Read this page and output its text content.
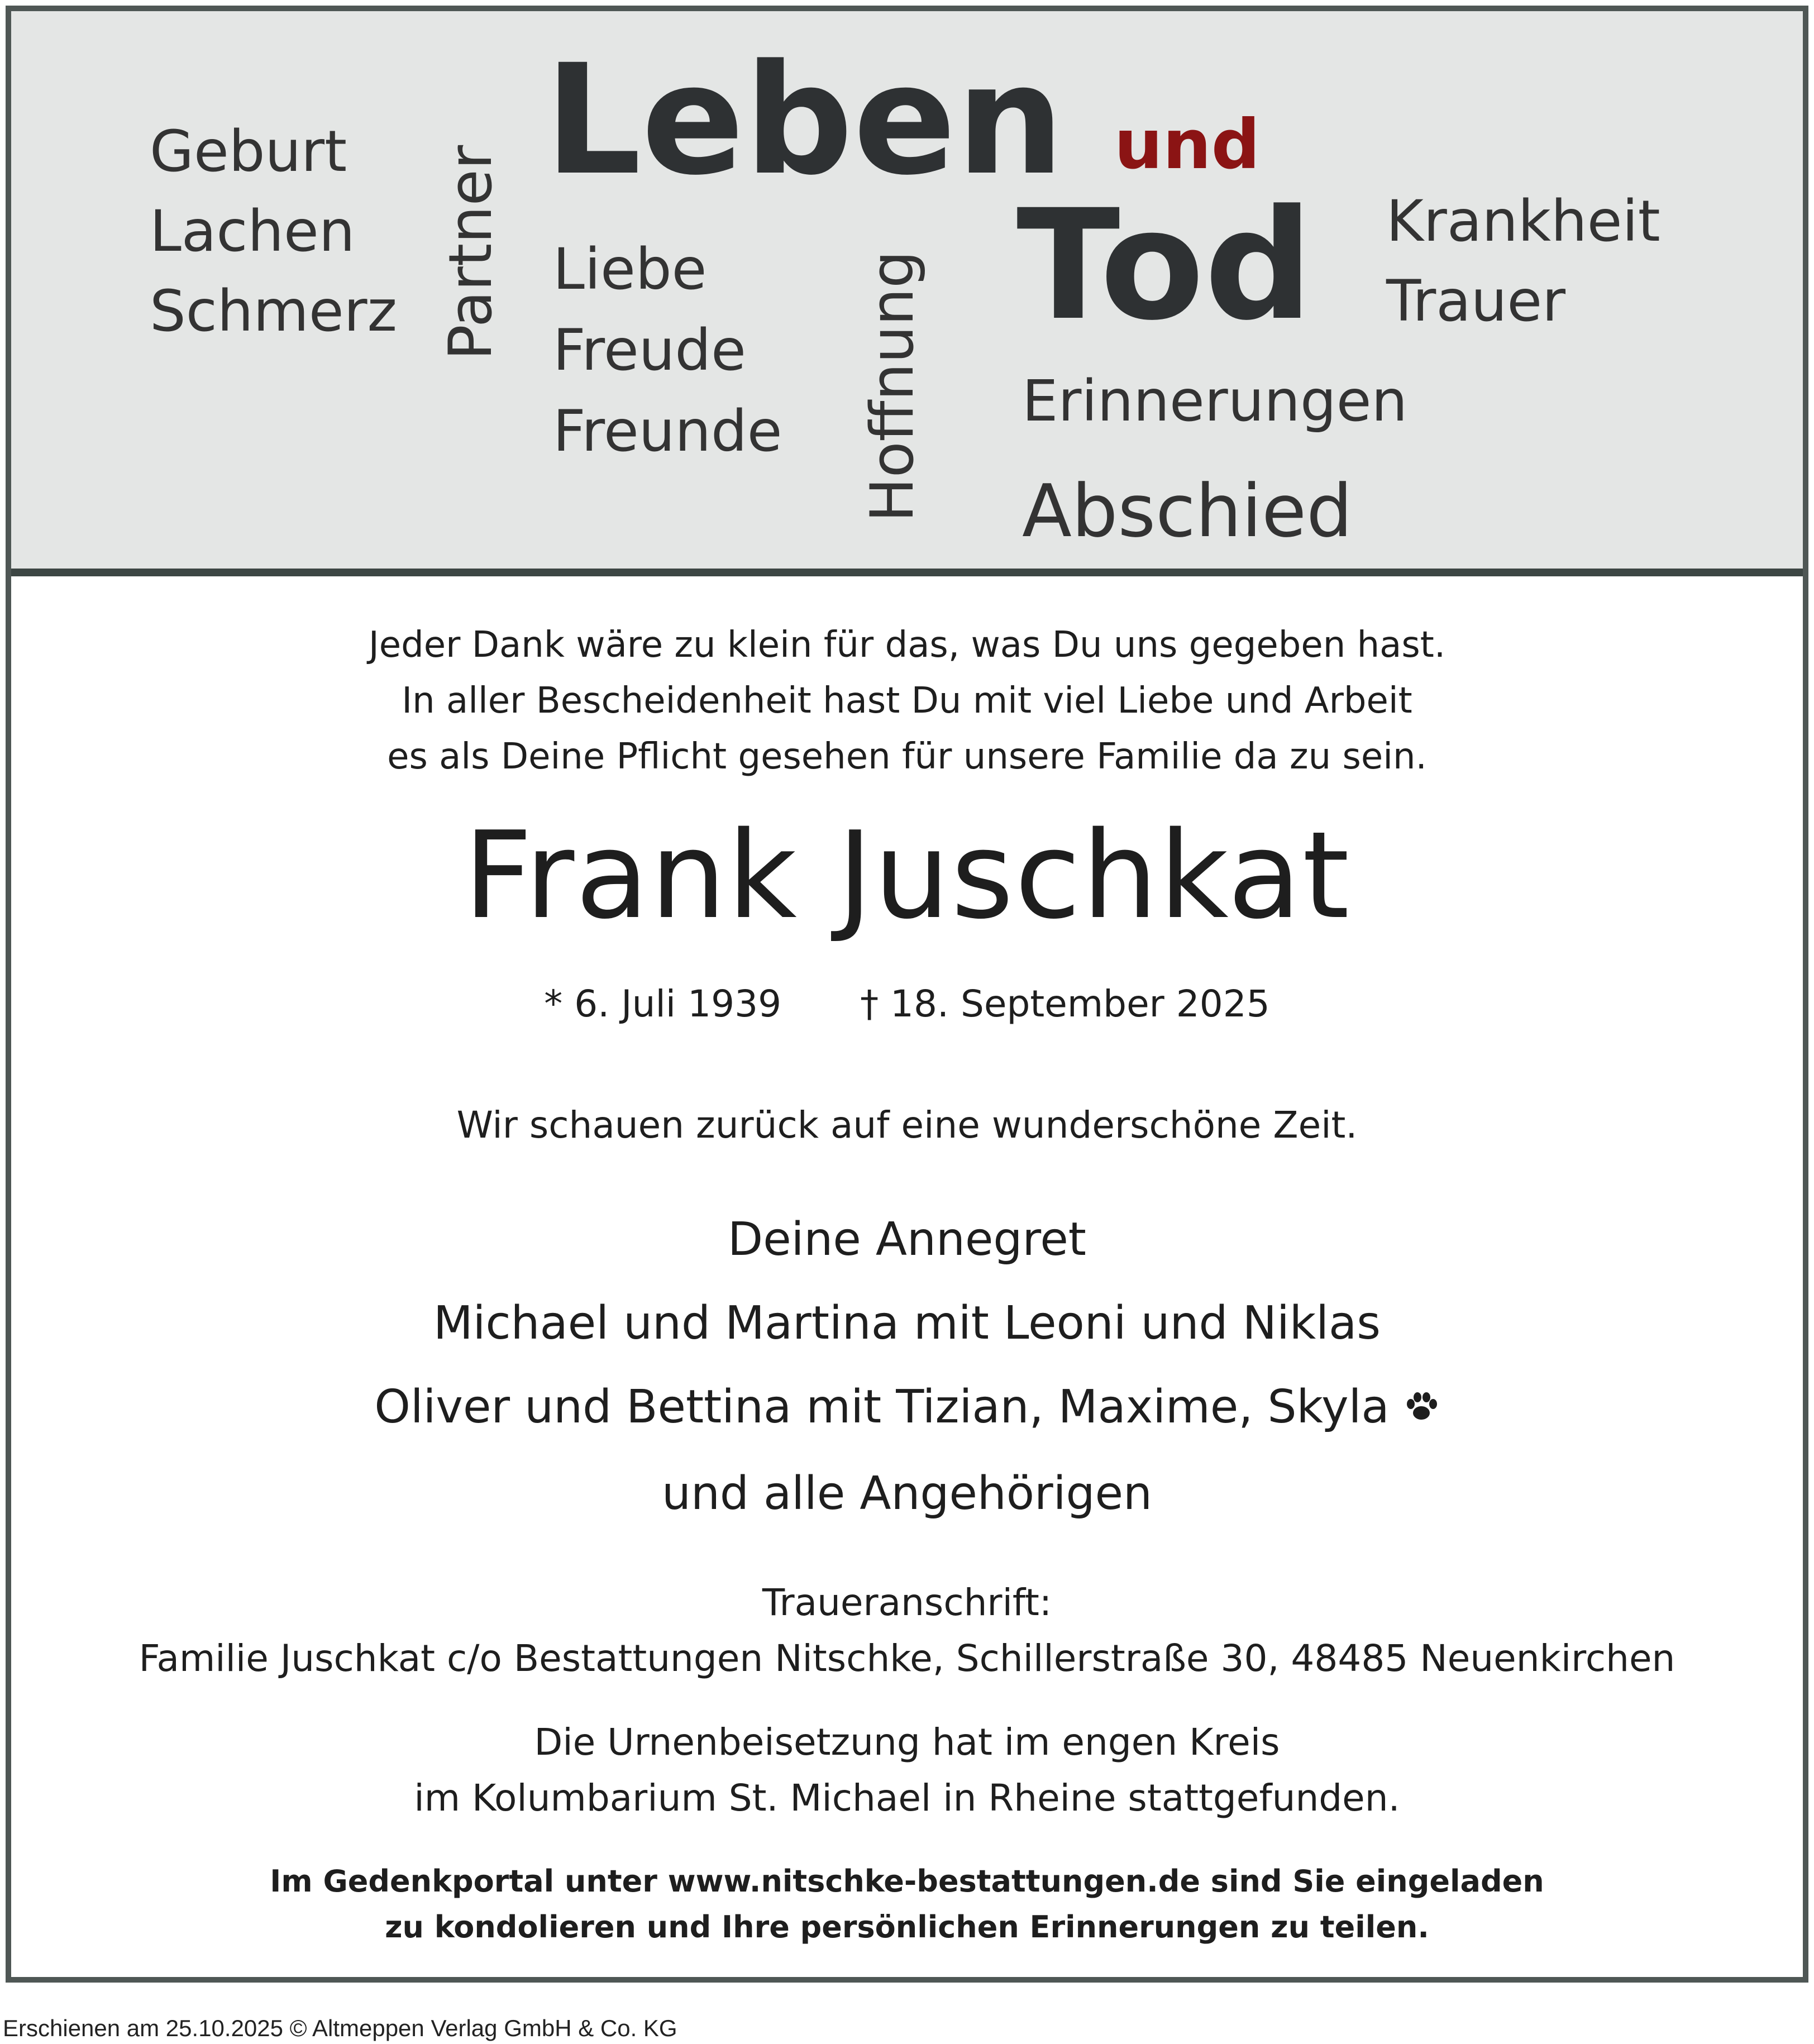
Geburt
Lachen
Schmerz Partner
Leben und
Tod
Liebe
Freude
Freunde Hoffnung
Krankheit
Trauer
Erinnerungen
Abschied
Jeder Dank wäre zu klein für das, was Du uns gegeben hast.
In aller Bescheidenheit hast Du mit viel Liebe und Arbeit
es als Deine Pflicht gesehen für unsere Familie da zu sein.
Frank Juschkat
* 6. Juli 1939 † 18. September 2025
Wir schauen zurück auf eine wunderschöne Zeit.
Deine Annegret
Michael und Martina mit Leoni und Niklas
Oliver und Bettina mit Tizian, Maxime, Skyla
und alle Angehörigen
Traueranschrift:
Familie Juschkat c/o Bestattungen Nitschke, Schillerstraße 30, 48485 Neuenkirchen
Die Urnenbeisetzung hat im engen Kreis
im Kolumbarium St. Michael in Rheine stattgefunden.
Im Gedenkportal unter www.nitschke-bestattungen.de sind Sie eingeladen
zu kondolieren und Ihre persönlichen Erinnerungen zu teilen.
Erschienen am 25.10.2025 © Altmeppen Verlag GmbH & Co. KG
